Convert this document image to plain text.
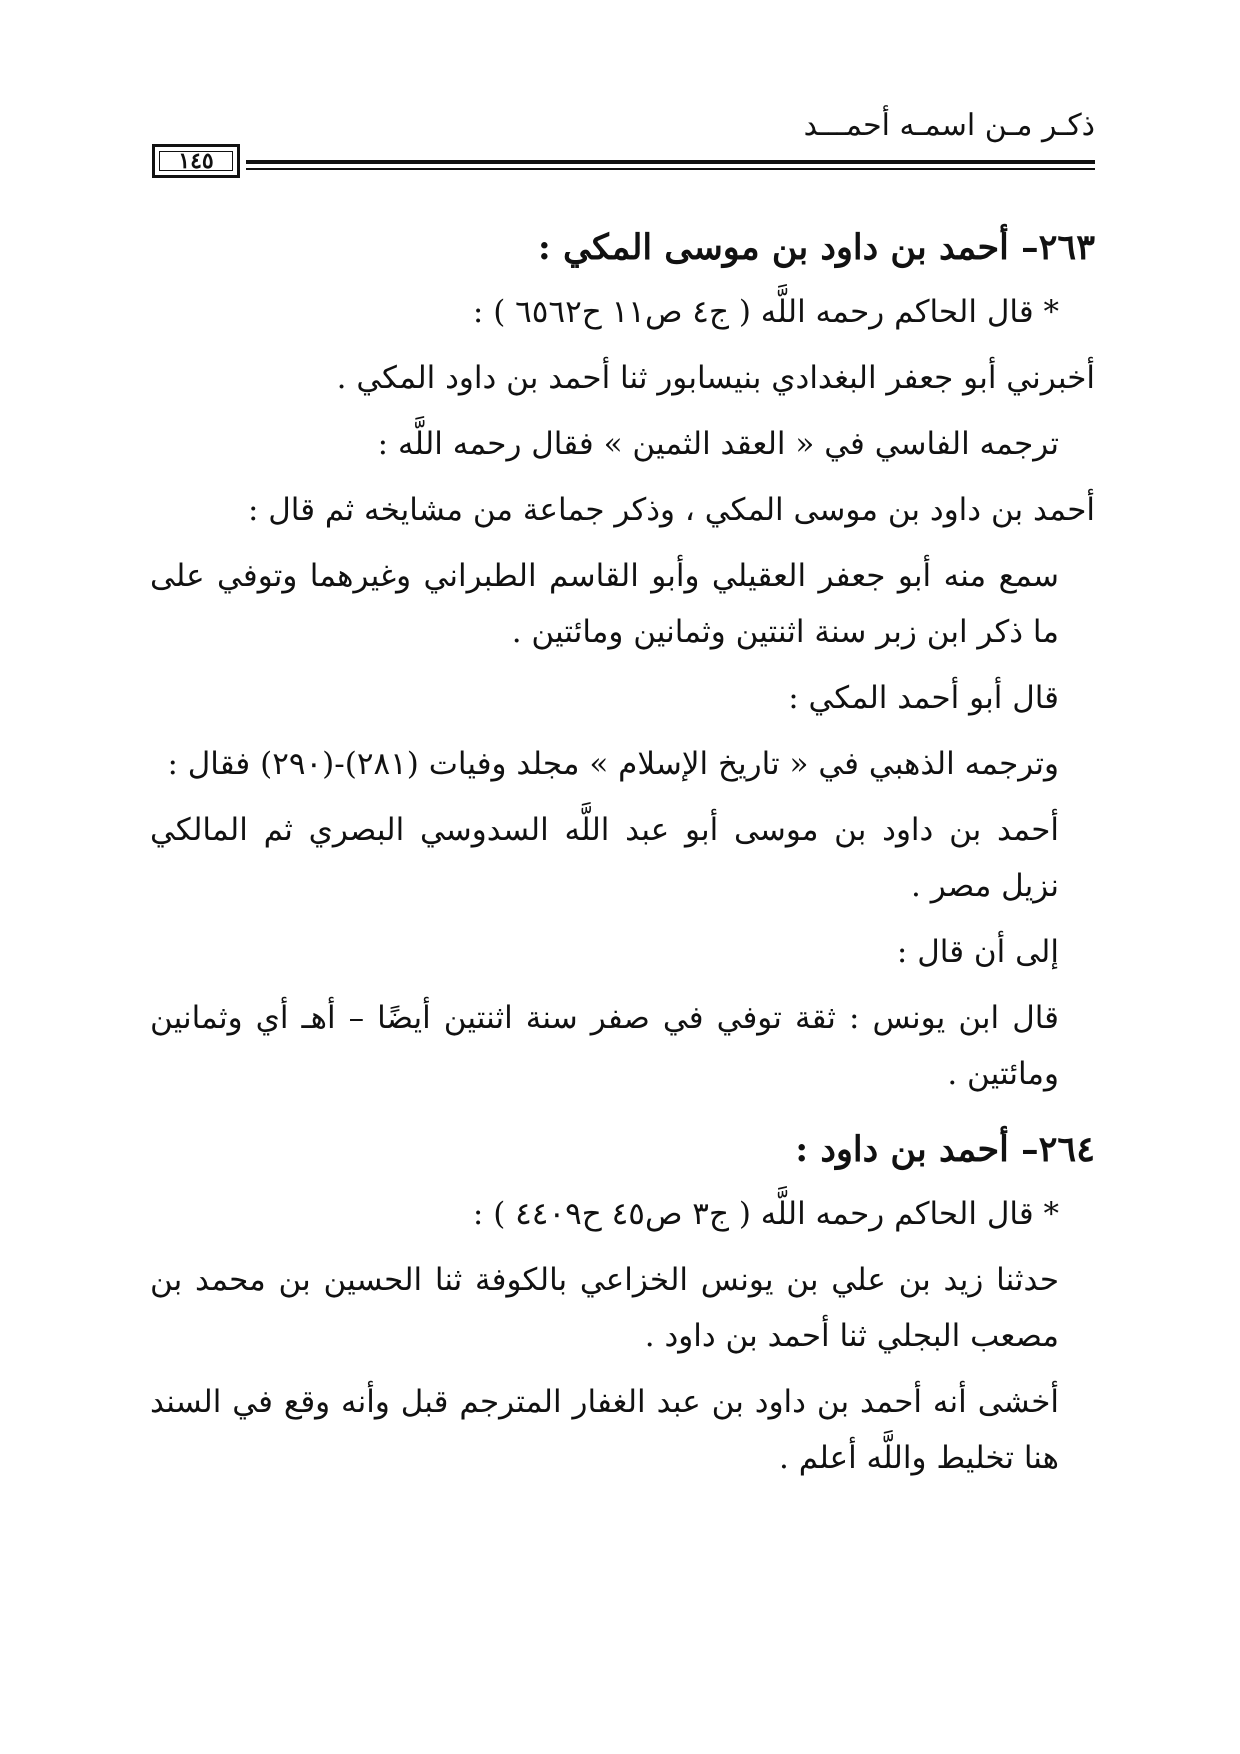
ذكـر مـن اسمـه أحمـــد
١٤٥
٢٦٣– أحمد بن داود بن موسى المكي :
* قال الحاكم رحمه اللَّه ( ج٤ ص١١ ح٦٥٦٢ ) :
أخبرني أبو جعفر البغدادي بنيسابور ثنا أحمد بن داود المكي .
ترجمه الفاسي في « العقد الثمين » فقال رحمه اللَّه :
أحمد بن داود بن موسى المكي ، وذكر جماعة من مشايخه ثم قال :
سمع منه أبو جعفر العقيلي وأبو القاسم الطبراني وغيرهما وتوفي على ما ذكر ابن زبر سنة اثنتين وثمانين ومائتين .
قال أبو أحمد المكي :
وترجمه الذهبي في « تاريخ الإسلام » مجلد وفيات (٢٨١)-(٢٩٠) فقال :
أحمد بن داود بن موسى أبو عبد اللَّه السدوسي البصري ثم المالكي نزيل مصر .
إلى أن قال :
قال ابن يونس : ثقة توفي في صفر سنة اثنتين أيضًا – أهـ أي وثمانين ومائتين .
٢٦٤– أحمد بن داود :
* قال الحاكم رحمه اللَّه ( ج٣ ص٤٥ ح٤٤٠٩ ) :
حدثنا زيد بن علي بن يونس الخزاعي بالكوفة ثنا الحسين بن محمد بن مصعب البجلي ثنا أحمد بن داود .
أخشى أنه أحمد بن داود بن عبد الغفار المترجم قبل وأنه وقع في السند هنا تخليط واللَّه أعلم .
